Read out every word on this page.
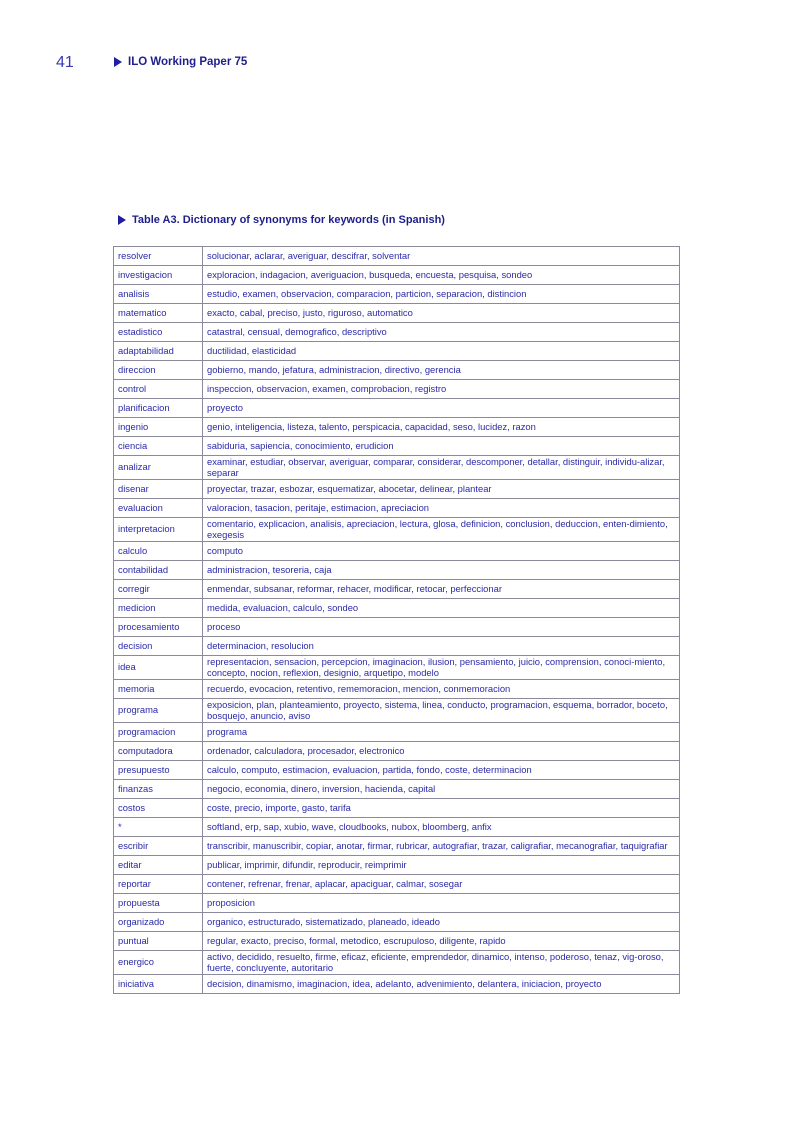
41	ILO Working Paper 75
Table A3. Dictionary of synonyms for keywords (in Spanish)
resolver	solucionar, aclarar, averiguar, descifrar, solventar
investigacion	exploracion, indagacion, averiguacion, busqueda, encuesta, pesquisa, sondeo
analisis	estudio, examen, observacion, comparacion, particion, separacion, distincion
matematico	exacto, cabal, preciso, justo, riguroso, automatico
estadistico	catastral, censual, demografico, descriptivo
adaptabilidad	ductilidad, elasticidad
direccion	gobierno, mando, jefatura, administracion, directivo, gerencia
control	inspeccion, observacion, examen, comprobacion, registro
planificacion	proyecto
ingenio	genio, inteligencia, listeza, talento, perspicacia, capacidad, seso, lucidez, razon
ciencia	sabiduria, sapiencia, conocimiento, erudicion
analizar	examinar, estudiar, observar, averiguar, comparar, considerar, descomponer, detallar, distinguir, individu-alizar, separar
disenar	proyectar, trazar, esbozar, esquematizar, abocetar, delinear, plantear
evaluacion	valoracion, tasacion, peritaje, estimacion, apreciacion
interpretacion	comentario, explicacion, analisis, apreciacion, lectura, glosa, definicion, conclusion, deduccion, enten-dimiento, exegesis
calculo	computo
contabilidad	administracion, tesoreria, caja
corregir	enmendar, subsanar, reformar, rehacer, modificar, retocar, perfeccionar
medicion	medida, evaluacion, calculo, sondeo
procesamiento	proceso
decision	determinacion, resolucion
idea	representacion, sensacion, percepcion, imaginacion, ilusion, pensamiento, juicio, comprension, conoci-miento, concepto, nocion, reflexion, designio, arquetipo, modelo
memoria	recuerdo, evocacion, retentivo, rememoracion, mencion, conmemoracion
programa	exposicion, plan, planteamiento, proyecto, sistema, linea, conducto, programacion, esquema, borrador, boceto, bosquejo, anuncio, aviso
programacion	programa
computadora	ordenador, calculadora, procesador, electronico
presupuesto	calculo, computo, estimacion, evaluacion, partida, fondo, coste, determinacion
finanzas	negocio, economia, dinero, inversion, hacienda, capital
costos	coste, precio, importe, gasto, tarifa
*	softland, erp, sap, xubio, wave, cloudbooks, nubox, bloomberg, anfix
escribir	transcribir, manuscribir, copiar, anotar, firmar, rubricar, autografiar, trazar, caligrafiar, mecanografiar, taquigrafiar
editar	publicar, imprimir, difundir, reproducir, reimprimir
reportar	contener, refrenar, frenar, aplacar, apaciguar, calmar, sosegar
propuesta	proposicion
organizado	organico, estructurado, sistematizado, planeado, ideado
puntual	regular, exacto, preciso, formal, metodico, escrupuloso, diligente, rapido
energico	activo, decidido, resuelto, firme, eficaz, eficiente, emprendedor, dinamico, intenso, poderoso, tenaz, vig-oroso, fuerte, concluyente, autoritario
iniciativa	decision, dinamismo, imaginacion, idea, adelanto, advenimiento, delantera, iniciacion, proyecto
